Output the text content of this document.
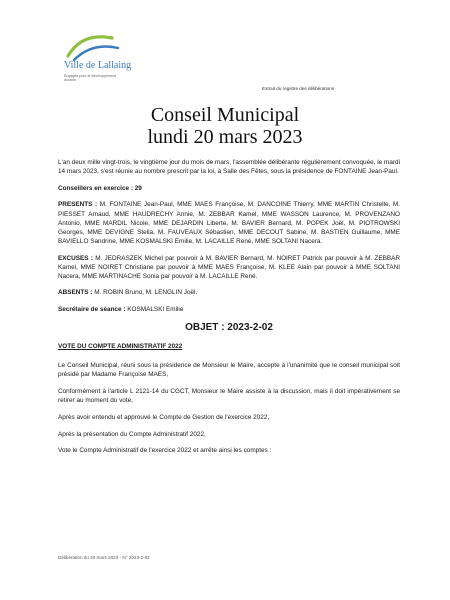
Ville de Lallaing
Engagée pour le développement durable
Extrait du registre des délibérations
Conseil Municipal
lundi 20 mars 2023

L'an deux mille vingt-trois, le vingtième jour du mois de mars, l'assemblée délibérante régulièrement convoquée, le mardi 14 mars 2023, s'est réunie au nombre prescrit par la loi, à Salle des Fêtes, sous la présidence de FONTAINE Jean-Paul.

Conseillers en exercice : 29

PRESENTS : M. FONTAINE Jean-Paul, MME MAES Françoise, M. DANCOINE Thierry, MME MARTIN Christelle, M. PIESSET Arnaud, MME HAUDRECHY Annie, M. ZEBBAR Kamel, MME WASSON Laurence, M. PROVENZANO Antonio, MME MARDIL Nicole, MME DEJARDIN Liberte, M. BAVIER Bernard, M. POPEK Joël, M. PIOTROWSKI Georges, MME DEVIGNE Stella, M. FAUVEAUX Sébastien, MME DECOUT Sabine, M. BASTIEN Guillaume, MME BAVIELLO Sandrine, MME KOSMALSKI Emilie, M. LACAILLE René, MME SOLTANI Nacera.

EXCUSES : M. JEDRASZEK Michel par pouvoir à M. BAVIER Bernard, M. NOIRET Patrick par pouvoir à M. ZEBBAR Kamel, MME NOIRET Christiane par pouvoir à MME MAES Françoise, M. KLEE Alain par pouvoir à MME SOLTANI Nacera, MME MARTINACHE Sonia par pouvoir à M. LACAILLE René.

ABSENTS : M. ROBIN Bruno, M. LENGLIN Joël.

Secrétaire de séance : KOSMALSKI Emilie

OBJET : 2023-2-02

VOTE DU COMPTE ADMINISTRATIF 2022

Le Conseil Municipal, réuni sous la présidence de Monsieur le Maire, accepte à l'unanimité que le conseil municipal soit présidé par Madame Françoise MAES,

Conformément à l'article L 2121-14 du CGCT, Monsieur le Maire assiste à la discussion, mais il doit impérativement se retirer au moment du vote,

Après avoir entendu et approuvé le Compte de Gestion de l'exercice 2022,

Après la présentation du Compte Administratif 2022,

Vote le Compte Administratif de l'exercice 2022 et arrête ainsi les comptes :

Délibération du 20 mars 2023 - N° 2023-2-02
